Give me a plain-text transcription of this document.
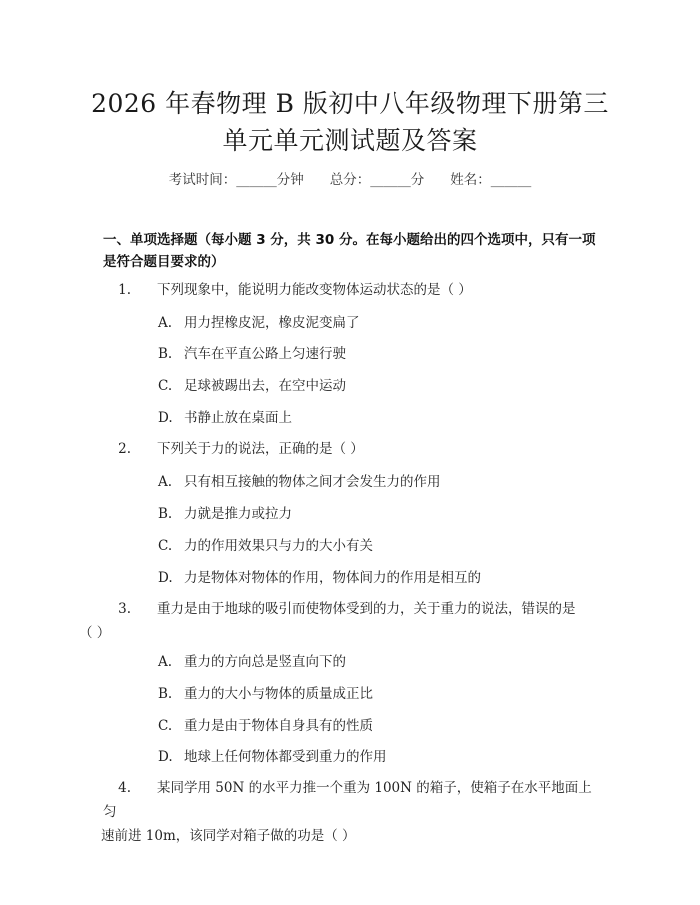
2026 年春物理 B 版初中八年级物理下册第三
单元单元测试题及答案
考试时间：______分钟 总分：______分 姓名：______
一、单项选择题（每小题 3 分，共 30 分。在每小题给出的四个选项中，只有一项
是符合题目要求的）
1. 下列现象中，能说明力能改变物体运动状态的是（ ）
A. 用力捏橡皮泥，橡皮泥变扁了
B. 汽车在平直公路上匀速行驶
C. 足球被踢出去，在空中运动
D. 书静止放在桌面上
2. 下列关于力的说法，正确的是（ ）
A. 只有相互接触的物体之间才会发生力的作用
B. 力就是推力或拉力
C. 力的作用效果只与力的大小有关
D. 力是物体对物体的作用，物体间力的作用是相互的
3. 重力是由于地球的吸引而使物体受到的力，关于重力的说法，错误的是
（ ）
A. 重力的方向总是竖直向下的
B. 重力的大小与物体的质量成正比
C. 重力是由于物体自身具有的性质
D. 地球上任何物体都受到重力的作用
4. 某同学用 50N 的水平力推一个重为 100N 的箱子，使箱子在水平地面上匀
速前进 10m，该同学对箱子做的功是（ ）
